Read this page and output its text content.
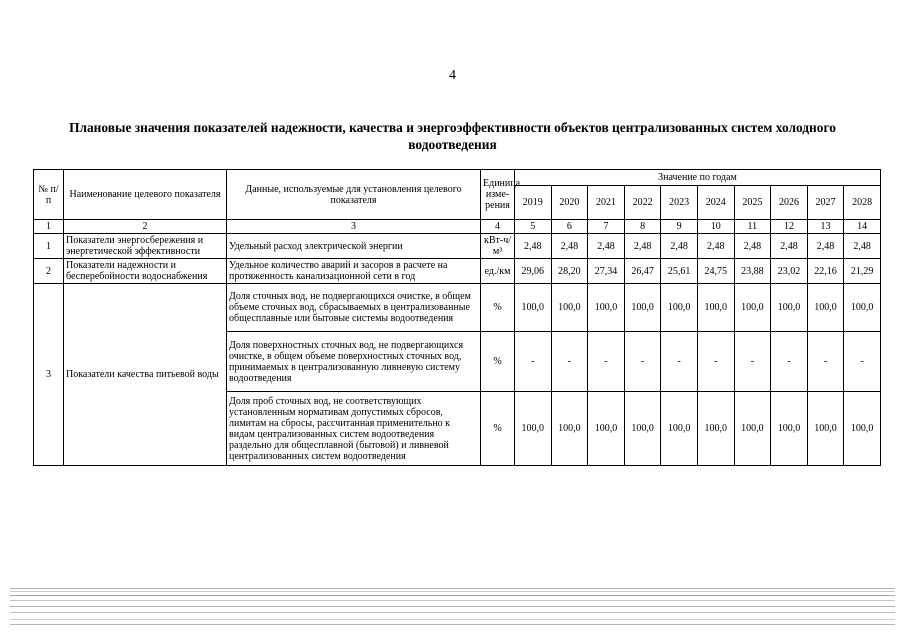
4
Плановые значения показателей надежности, качества и энергоэффективности объектов централизованных систем холодного водоотведения
№ п/п	Наименование целевого показателя	Данные, используемые для установления целевого показателя	Единица изме-рения	Значение по годам									
				2019	2020	2021	2022	2023	2024	2025	2026	2027	2028
1	2	3	4	5	6	7	8	9	10	11	12	13	14
1	Показатели энергосбережения и энергетической эффективности	Удельный расход электрической энергии	кВт-ч/м³	2,48	2,48	2,48	2,48	2,48	2,48	2,48	2,48	2,48	2,48
2	Показатели надежности и бесперебойности водоснабжения	Удельное количество аварий и засоров в расчете на протяженность канализационной сети в год	ед./км	29,06	28,20	27,34	26,47	25,61	24,75	23,88	23,02	22,16	21,29
3	Показатели качества питьевой воды	Доля сточных вод, не подвергающихся очистке, в общем объеме сточных вод, сбрасываемых в централизованные общесплавные или бытовые системы водоотведения	%	100,0	100,0	100,0	100,0	100,0	100,0	100,0	100,0	100,0	100,0
		Доля поверхностных сточных вод, не подвергающихся очистке, в общем объеме поверхностных сточных вод, принимаемых в централизованную ливневую систему водоотведения	%	-	-	-	-	-	-	-	-	-	-
		Доля проб сточных вод, не соответствующих установленным нормативам допустимых сбросов, лимитам на сбросы, рассчитанная применительно к видам централизованных систем водоотведения раздельно для общесплавной (бытовой) и ливневой централизованных систем водоотведения	%	100,0	100,0	100,0	100,0	100,0	100,0	100,0	100,0	100,0	100,0
